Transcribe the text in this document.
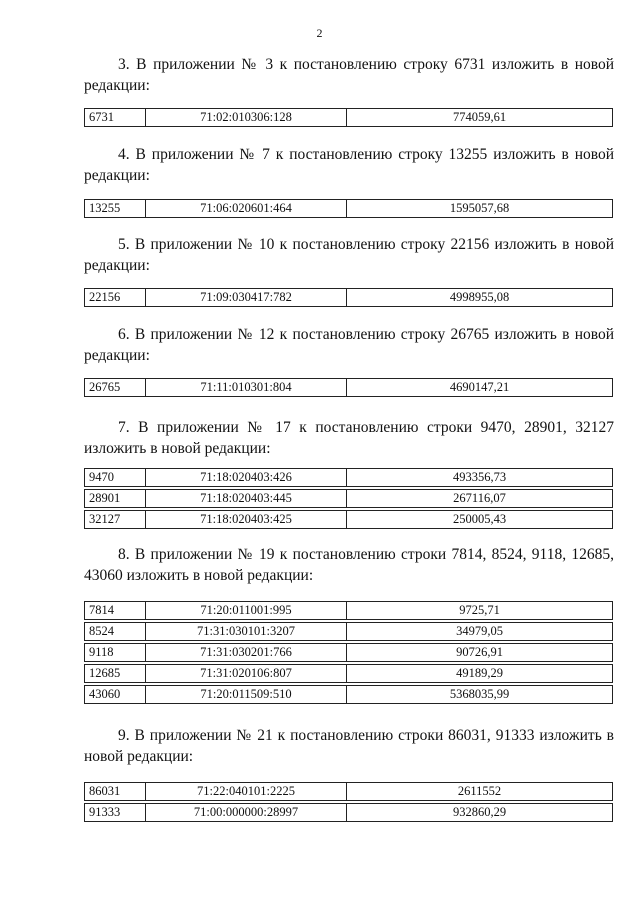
2

3. В приложении № 3 к постановлению строку 6731 изложить в новой редакции:

6731	71:02:010306:128	774059,61

4. В приложении № 7 к постановлению строку 13255 изложить в новой редакции:

13255	71:06:020601:464	1595057,68

5. В приложении № 10 к постановлению строку 22156 изложить в новой редакции:

22156	71:09:030417:782	4998955,08

6. В приложении № 12 к постановлению строку 26765 изложить в новой редакции:

26765	71:11:010301:804	4690147,21

7. В приложении № 17 к постановлению строки 9470, 28901, 32127 изложить в новой редакции:

9470	71:18:020403:426	493356,73

28901	71:18:020403:445	267116,07

32127	71:18:020403:425	250005,43

8. В приложении № 19 к постановлению строки 7814, 8524, 9118, 12685, 43060 изложить в новой редакции:

7814	71:20:011001:995	9725,71

8524	71:31:030101:3207	34979,05

9118	71:31:030201:766	90726,91

12685	71:31:020106:807	49189,29

43060	71:20:011509:510	5368035,99

9. В приложении № 21 к постановлению строки 86031, 91333 изложить в новой редакции:

86031	71:22:040101:2225	2611552

91333	71:00:000000:28997	932860,29
